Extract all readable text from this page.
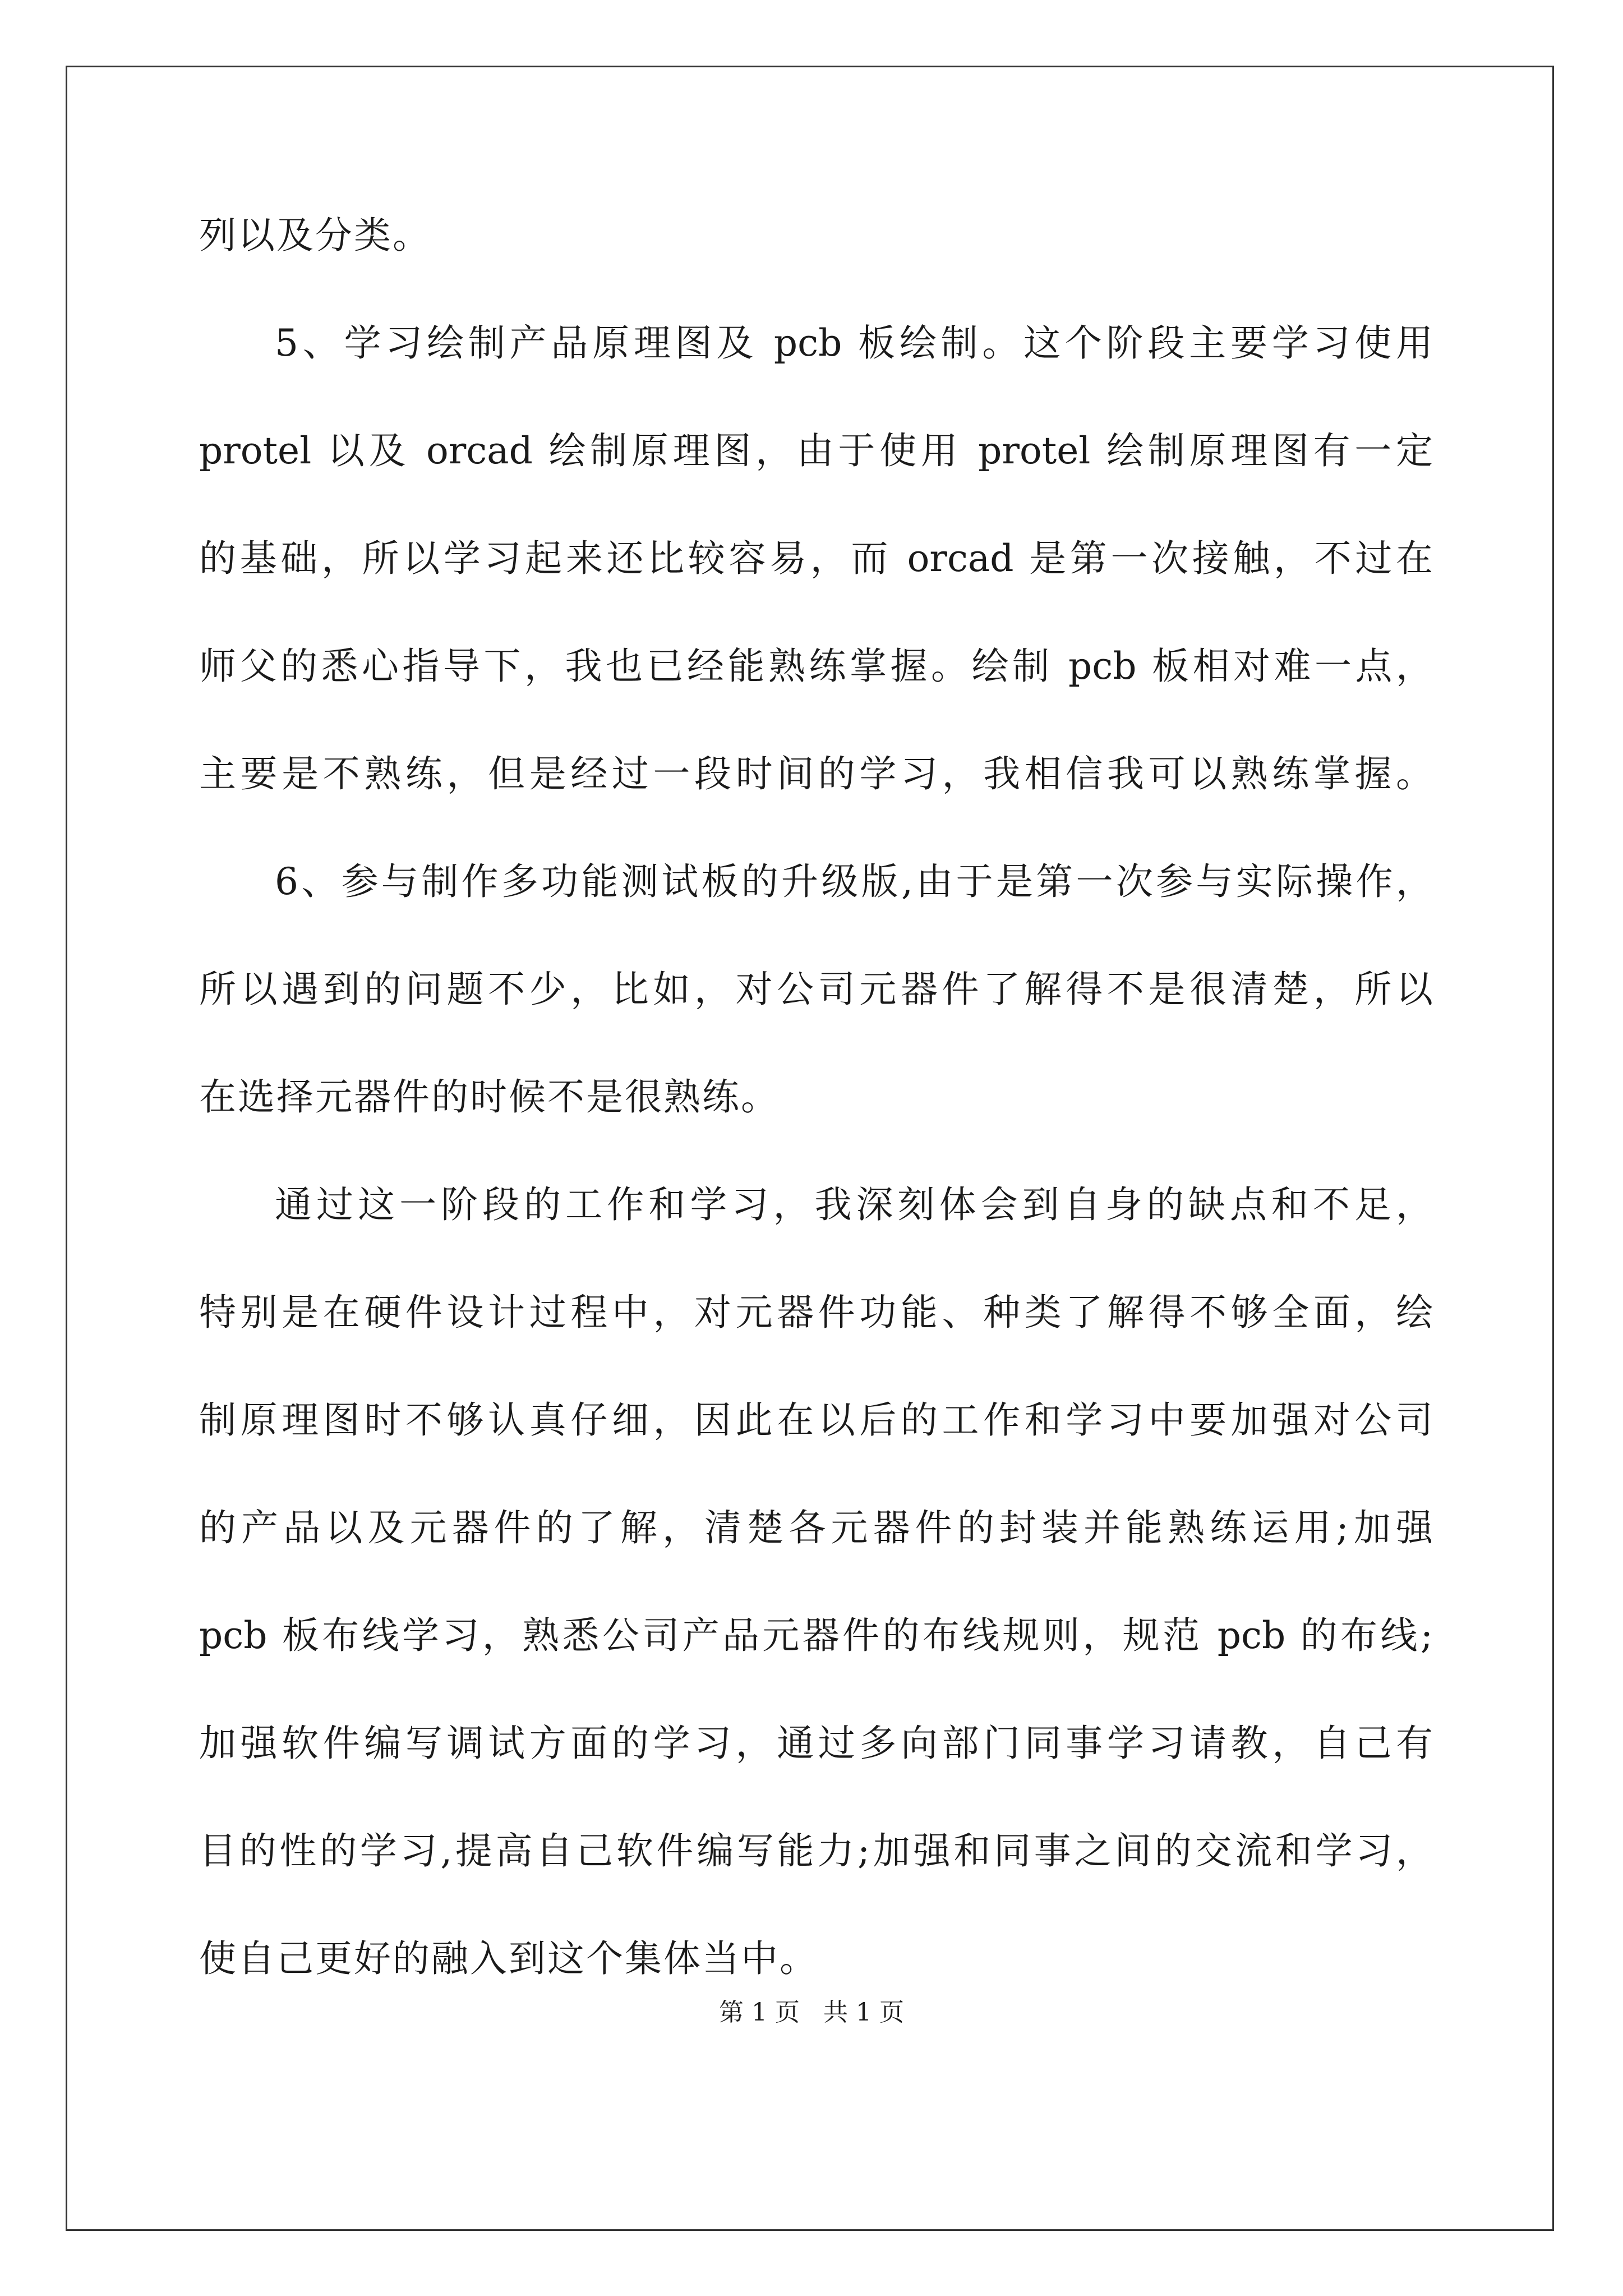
列以及分类。
5、学习绘制产品原理图及 pcb 板绘制。这个阶段主要学习使用
protel 以及 orcad 绘制原理图，由于使用 protel 绘制原理图有一定
的基础，所以学习起来还比较容易，而 orcad 是第一次接触，不过在
师父的悉心指导下，我也已经能熟练掌握。绘制 pcb 板相对难一点，
主要是不熟练，但是经过一段时间的学习，我相信我可以熟练掌握。
6、参与制作多功能测试板的升级版,由于是第一次参与实际操作，
所以遇到的问题不少，比如，对公司元器件了解得不是很清楚，所以
在选择元器件的时候不是很熟练。
通过这一阶段的工作和学习，我深刻体会到自身的缺点和不足，
特别是在硬件设计过程中，对元器件功能、种类了解得不够全面，绘
制原理图时不够认真仔细，因此在以后的工作和学习中要加强对公司
的产品以及元器件的了解，清楚各元器件的封装并能熟练运用;加强
pcb 板布线学习，熟悉公司产品元器件的布线规则，规范 pcb 的布线;
加强软件编写调试方面的学习，通过多向部门同事学习请教，自己有
目的性的学习,提高自己软件编写能力;加强和同事之间的交流和学习，
使自己更好的融入到这个集体当中。
第 1 页   共 1 页
